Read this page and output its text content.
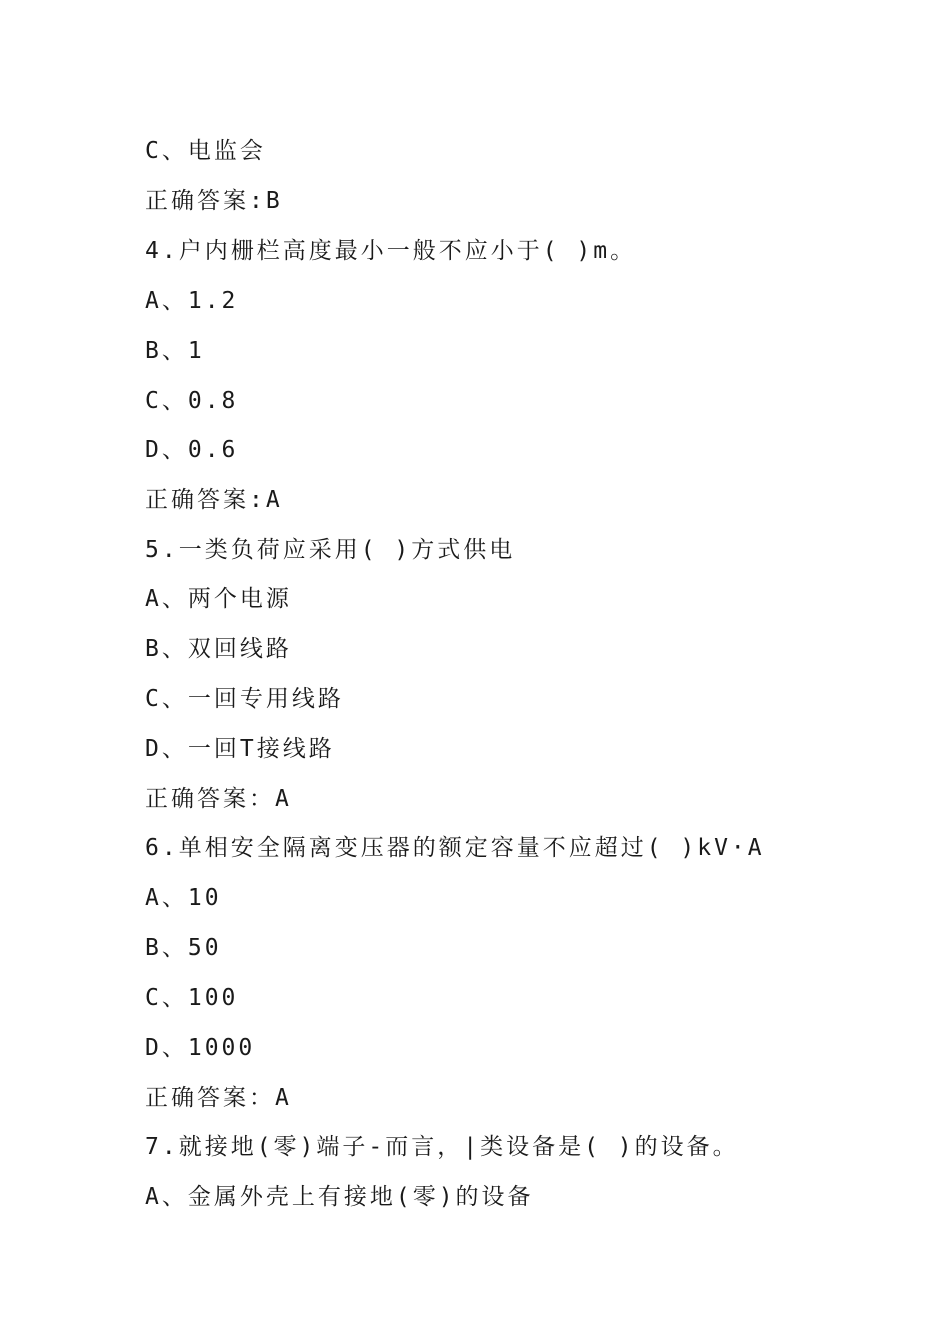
C、电监会
正确答案:B
4.户内栅栏高度最小一般不应小于( )m。
A、1.2
B、1
C、0.8
D、0.6
正确答案:A
5.一类负荷应采用( )方式供电
A、两个电源
B、双回线路
C、一回专用线路
D、一回T接线路
正确答案：A
6.单相安全隔离变压器的额定容量不应超过( )kV·A
A、10
B、50
C、100
D、1000
正确答案：A
7.就接地(零)端子-而言，|类设备是( )的设备。
A、金属外壳上有接地(零)的设备
